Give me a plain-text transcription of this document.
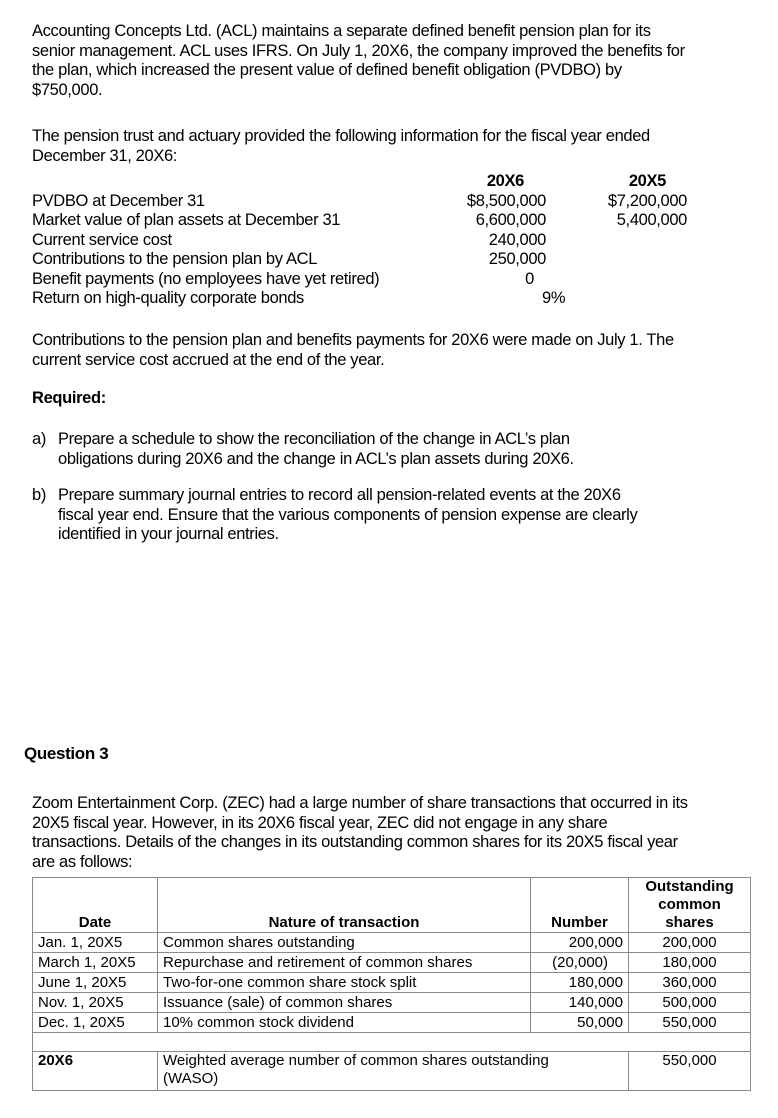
Accounting Concepts Ltd. (ACL) maintains a separate defined benefit pension plan for its
senior management. ACL uses IFRS. On July 1, 20X6, the company improved the benefits for
the plan, which increased the present value of defined benefit obligation (PVDBO) by
$750,000.
The pension trust and actuary provided the following information for the fiscal year ended
December 31, 20X6:
20X6	20X5
PVDBO at December 31	$8,500,000	$7,200,000
Market value of plan assets at December 31	6,600,000	5,400,000
Current service cost	240,000
Contributions to the pension plan by ACL	250,000
Benefit payments (no employees have yet retired)	0
Return on high-quality corporate bonds	9%
Contributions to the pension plan and benefits payments for 20X6 were made on July 1. The
current service cost accrued at the end of the year.
Required:
a) Prepare a schedule to show the reconciliation of the change in ACL’s plan
obligations during 20X6 and the change in ACL’s plan assets during 20X6.
b) Prepare summary journal entries to record all pension-related events at the 20X6
fiscal year end. Ensure that the various components of pension expense are clearly
identified in your journal entries.
Question 3
Zoom Entertainment Corp. (ZEC) had a large number of share transactions that occurred in its
20X5 fiscal year. However, in its 20X6 fiscal year, ZEC did not engage in any share
transactions. Details of the changes in its outstanding common shares for its 20X5 fiscal year
are as follows:
Date	Nature of transaction	Number	Outstanding
common
shares

Jan. 1, 20X5	Common shares outstanding	200,000	200,000
March 1, 20X5	Repurchase and retirement of common shares	(20,000)	180,000
June 1, 20X5	Two-for-one common share stock split	180,000	360,000
Nov. 1, 20X5	Issuance (sale) of common shares	140,000	500,000
Dec. 1, 20X5	10% common stock dividend	50,000	550,000

20X6	Weighted average number of common shares outstanding
(WASO)		550,000
